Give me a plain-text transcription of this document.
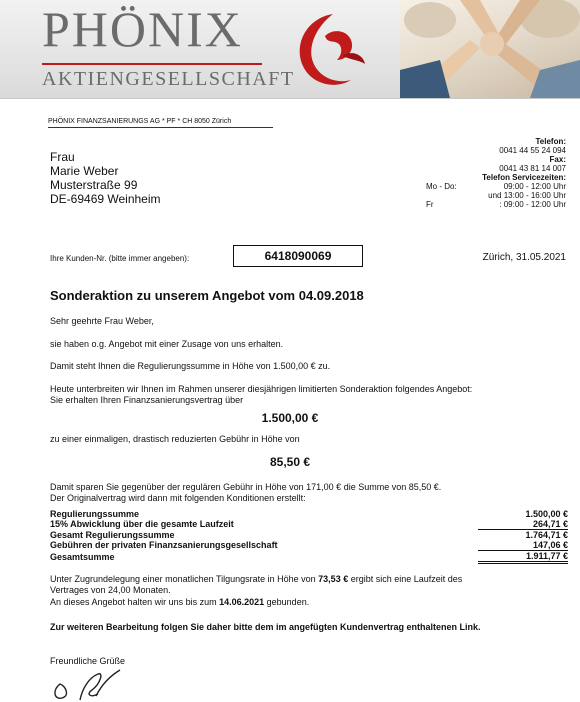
PHÖNIX
AKTIENGESELLSCHAFT
PHÖNIX FINANZSANIERUNGS AG * PF * CH 8050 Zürich
Frau
Marie Weber
Musterstraße 99
DE-69469 Weinheim
Telefon:
0041 44 55 24 094
Fax:
0041 43 81 14 007
Telefon Servicezeiten:
Mo - Do:	09:00 - 12:00 Uhr
und 13:00 - 16:00 Uhr
Fr	: 09:00 - 12:00 Uhr
Ihre Kunden-Nr. (bitte immer angeben):	6418090069	Zürich, 31.05.2021
Sonderaktion zu unserem Angebot vom 04.09.2018
Sehr geehrte Frau Weber,
sie haben o.g. Angebot mit einer Zusage von uns erhalten.
Damit steht Ihnen die Regulierungssumme in Höhe von 1.500,00 € zu.
Heute unterbreiten wir Ihnen im Rahmen unserer diesjährigen limitierten Sonderaktion folgendes Angebot:
Sie erhalten Ihren Finanzsanierungsvertrag über
1.500,00 €
zu einer einmaligen, drastisch reduzierten Gebühr in Höhe von
85,50 €
Damit sparen Sie gegenüber der regulären Gebühr in Höhe von 171,00 € die Summe von 85,50 €.
Der Originalvertrag wird dann mit folgenden Konditionen erstellt:
Regulierungssumme	1.500,00 €
15% Abwicklung über die gesamte Laufzeit	264,71 €
Gesamt Regulierungssumme	1.764,71 €
Gebühren der privaten Finanzsanierungsgesellschaft	147,06 €
Gesamtsumme	1.911,77 €
Unter Zugrundelegung einer monatlichen Tilgungsrate in Höhe von 73,53 € ergibt sich eine Laufzeit des
Vertrages von 24,00 Monaten.
An dieses Angebot halten wir uns bis zum 14.06.2021 gebunden.
Zur weiteren Bearbeitung folgen Sie daher bitte dem im angefügten Kundenvertrag enthaltenen Link.
Freundliche Grüße
